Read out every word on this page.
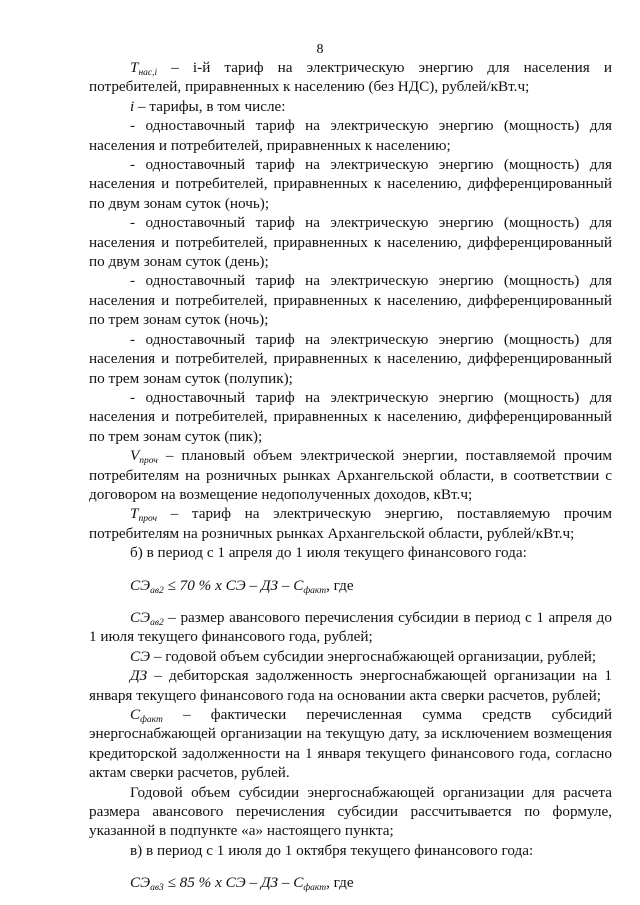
8

$T_{нас,i} - i-й$ тариф на электрическую энергию для населения и потребителей, приравненных к населению (без НДС), рублей/кВт.ч;

i – тарифы, в том числе:

- одноставочный тариф на электрическую энергию (мощность) для населения и потребителей, приравненных к населению;

- одноставочный тариф на электрическую энергию (мощность) для населения и потребителей, приравненных к населению, дифференцированный по двум зонам суток (ночь);

- одноставочный тариф на электрическую энергию (мощность) для населения и потребителей, приравненных к населению, дифференцированный по двум зонам суток (день);

- одноставочный тариф на электрическую энергию (мощность) для населения и потребителей, приравненных к населению, дифференцированный по трем зонам суток (ночь);

- одноставочный тариф на электрическую энергию (мощность) для населения и потребителей, приравненных к населению, дифференцированный по трем зонам суток (полупик);

- одноставочный тариф на электрическую энергию (мощность) для населения и потребителей, приравненных к населению, дифференцированный по трем зонам суток (пик);

$V_{проч}$ – плановый объем электрической энергии, поставляемой прочим потребителям на розничных рынках Архангельской области, в соответствии с договором на возмещение недополученных доходов, кВт.ч;

$T_{проч}$ – тариф на электрическую энергию, поставляемую прочим потребителям на розничных рынках Архангельской области, рублей/кВт.ч;

б) в период с 1 апреля до 1 июля текущего финансового года:

$СЭ_{ав2} \le 70$ % х СЭ – ДЗ – $С_{факт}$, где

$СЭ_{ав2}$ – размер авансового перечисления субсидии в период с 1 апреля до 1 июля текущего финансового года, рублей;

СЭ – годовой объем субсидии энергоснабжающей организации, рублей;

ДЗ – дебиторская задолженность энергоснабжающей организации на 1 января текущего финансового года на основании акта сверки расчетов, рублей;

$С_{факт}$ – фактически перечисленная сумма средств субсидий энергоснабжающей организации на текущую дату, за исключением возмещения кредиторской задолженности на 1 января текущего финансового года, согласно актам сверки расчетов, рублей.

Годовой объем субсидии энергоснабжающей организации для расчета размера авансового перечисления субсидии рассчитывается по формуле, указанной в подпункте «а» настоящего пункта;

в) в период с 1 июля до 1 октября текущего финансового года:

$СЭ_{ав3} \le 85$ % х СЭ – ДЗ – $С_{факт}$, где
